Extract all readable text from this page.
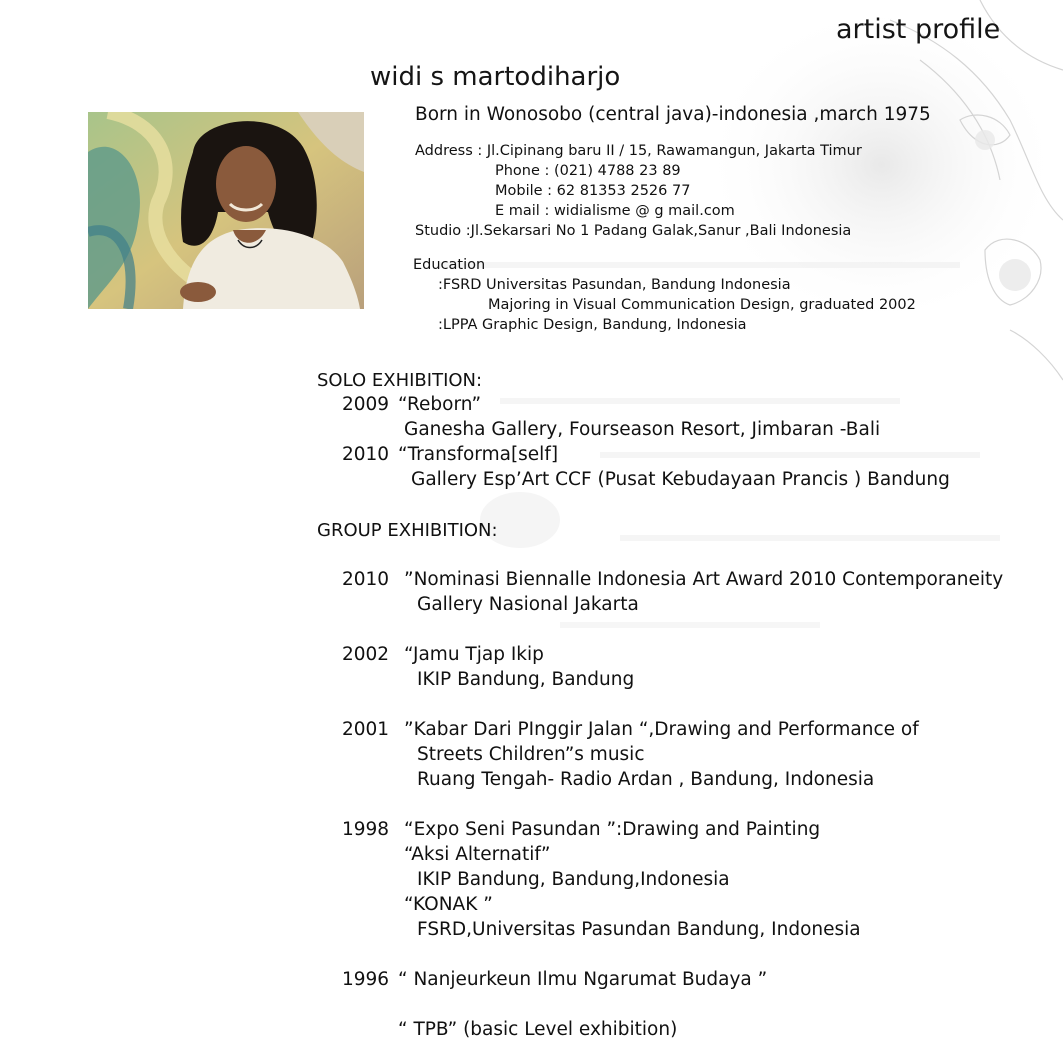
artist profile
widi s martodiharjo
Born in Wonosobo (central java)-indonesia ,march 1975
Address : Jl.Cipinang baru II / 15, Rawamangun, Jakarta Timur
Phone : (021) 4788 23 89
Mobile : 62 81353 2526 77
E mail : widialisme @ g mail.com
Studio :Jl.Sekarsari No 1 Padang Galak,Sanur ,Bali Indonesia
Education
:FSRD Universitas Pasundan, Bandung Indonesia
Majoring in Visual Communication Design, graduated 2002
:LPPA Graphic Design, Bandung, Indonesia
SOLO EXHIBITION:
2009 “Reborn”
Ganesha Gallery, Fourseason Resort, Jimbaran -Bali
2010 “Transforma[self]
Gallery Esp’Art CCF (Pusat Kebudayaan Prancis ) Bandung
GROUP EXHIBITION:
2010 ”Nominasi Biennalle Indonesia Art Award 2010 Contemporaneity
Gallery Nasional Jakarta
2002 “Jamu Tjap Ikip
IKIP Bandung, Bandung
2001 ”Kabar Dari PInggir Jalan “,Drawing and Performance of
Streets Children”s music
Ruang Tengah- Radio Ardan , Bandung, Indonesia
1998 “Expo Seni Pasundan ”:Drawing and Painting
“Aksi Alternatif”
IKIP Bandung, Bandung,Indonesia
“KONAK ”
FSRD,Universitas Pasundan Bandung, Indonesia
1996 “ Nanjeurkeun Ilmu Ngarumat Budaya ”
“ TPB” (basic Level exhibition)
